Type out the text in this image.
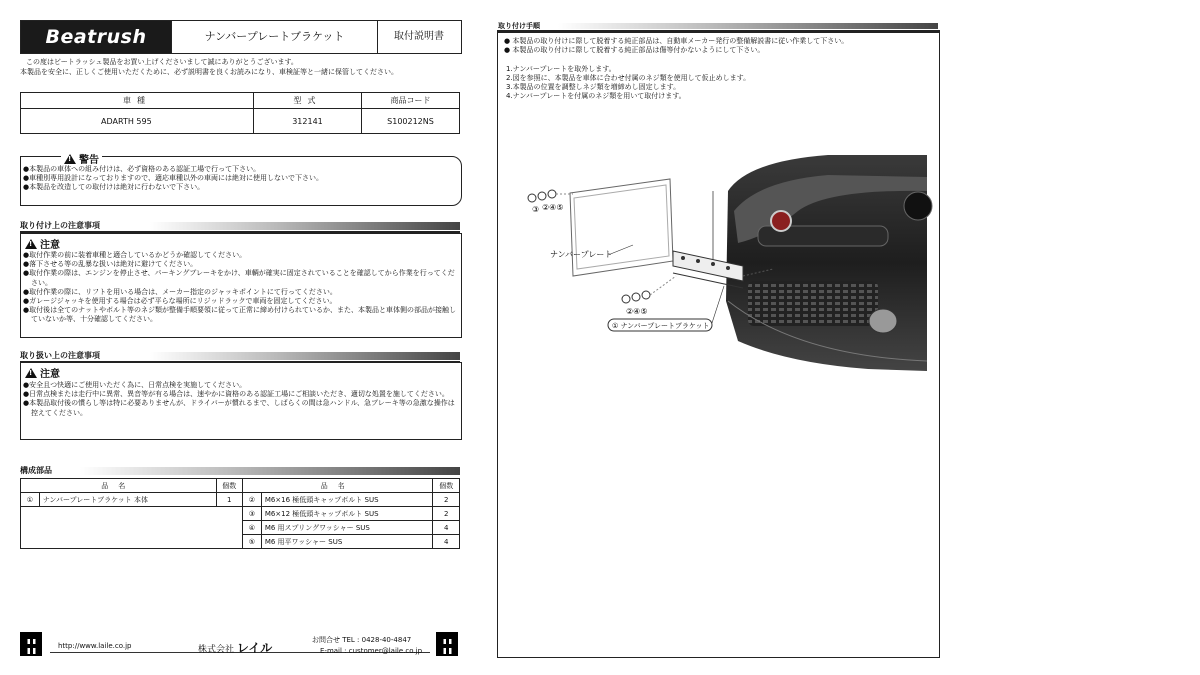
Beatrush	ナンバープレートブラケット	取付説明書
この度はビートラッシュ製品をお買い上げくださいまして誠にありがとうございます。
本製品を安全に、正しくご使用いただくために、必ず説明書を良くお読みになり、車検証等と一緒に保管してください。
車種	型式	商品コード
ADARTH 595	312141	S100212NS
!警告
●本製品の車体への組み付けは、必ず資格のある認証工場で行って下さい。
●車種別専用設計になっておりますので、適応車種以外の車両には絶対に使用しないで下さい。
●本製品を改造しての取付けは絶対に行わないで下さい。
取り付け上の注意事項
!注意
●取付作業の前に装着車種と適合しているかどうか確認してください。
●落下させる等の乱暴な扱いは絶対に避けてください。
●取付作業の際は、エンジンを停止させ、パーキングブレーキをかけ、車輌が確実に固定されていることを確認してから作業を行ってください。
●取付作業の際に、リフトを用いる場合は、メーカー指定のジャッキポイントにて行ってください。
●ガレージジャッキを使用する場合は必ず平らな場所にリジッドラックで車両を固定してください。
●取付後は全てのナットやボルト等のネジ類が整備手順要領に従って正常に締め付けられているか、また、本製品と車体側の部品が接触していないか等、十分確認してください。
取り扱い上の注意事項
!注意
●安全且つ快適にご使用いただく為に、日常点検を実施してください。
●日常点検または走行中に異常、異音等が有る場合は、速やかに資格のある認証工場にご相談いただき、適切な処置を施してください。
●本製品取付後の慣らし等は特に必要ありませんが、ドライバーが慣れるまで、しばらくの間は急ハンドル、急ブレーキ等の急激な操作は控えてください。
構成部品
品名		個数	品名		個数
①	ナンバープレートブラケット 本体	1	②	M6×16 極低頭キャップボルト SUS	2
			③	M6×12 極低頭キャップボルト SUS	2
			④	M6 用スプリングワッシャー SUS	4
			⑤	M6 用平ワッシャー SUS	4
http://www.laile.co.jp	株式会社 レイル
お問合せ TEL : 0428-40-4847
E-mail : customer@laile.co.jp
取り付け手順
● 本製品の取り付けに際して脱着する純正部品は、自動車メーカー発行の整備解説書に従い作業して下さい。
● 本製品の取り付けに際して脱着する純正部品は傷等付かないようにして下さい。
1.ナンバープレートを取外します。
2.図を参照に、本製品を車体に合わせ付属のネジ類を使用して仮止めします。
3.本製品の位置を調整しネジ類を増締めし固定します。
4.ナンバープレートを付属のネジ類を用いて取付けます。
③ ②④⑤
②④⑤
ナンバープレート
① ナンバープレートブラケット
